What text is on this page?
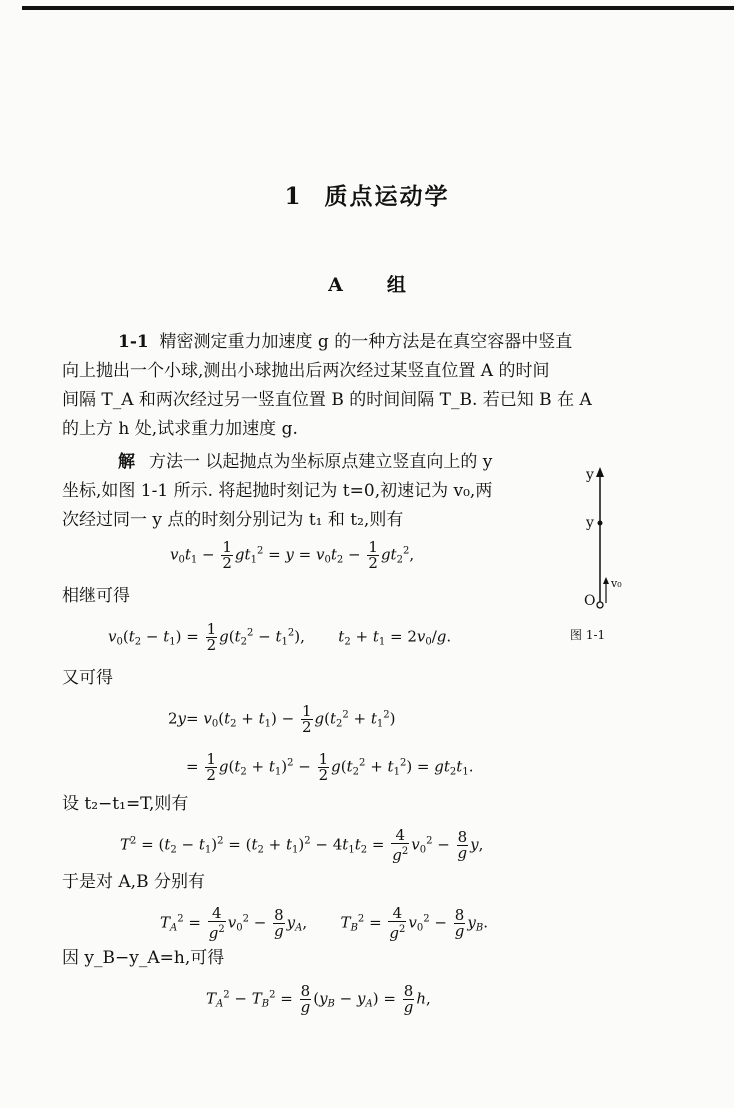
1 质点运动学
A 组
1-1 精密测定重力加速度 g 的一种方法是在真空容器中竖直
向上抛出一个小球,测出小球抛出后两次经过某竖直位置 A 的时间
间隔 T_A 和两次经过另一竖直位置 B 的时间间隔 T_B. 若已知 B 在 A
的上方 h 处,试求重力加速度 g.
解 方法一 以起抛点为坐标原点建立竖直向上的 y
坐标,如图 1-1 所示. 将起抛时刻记为 t=0,初速记为 v₀,两
次经过同一 y 点的时刻分别记为 t₁ 和 t₂,则有
$v_0t_1 - \frac{1}{2} gt_1^2 = y = v_0t_2 - \frac{1}{2} gt_2^2$,
相继可得
$v_0(t_2 - t_1) = \frac{1}{2} g(t_2^2 - t_1^2)$,       $t_2 + t_1 = 2v_0/g$.
又可得
$2y= v_0(t_2 + t_1) - \frac{1}{2} g(t_2^2 + t_1^2)$
= $\frac{1}{2} g(t_2 + t_1)^2 - \frac{1}{2} g(t_2^2 + t_1^2) = gt_2t_1$.
设 t₂−t₁=T,则有
$T^2 = (t_2 - t_1)^2 = (t_2 + t_1)^2 - 4t_1t_2 = \frac{4}{g^2} v_0^2 - \frac{8}{g} y$,
于是对 A,B 分别有
$T_A^2 = \frac{4}{g^2} v_0^2 - \frac{8}{g} y_A$,       $T_B^2 = \frac{4}{g^2} v_0^2 - \frac{8}{g} y_B$.
因 y_B−y_A=h,可得
$T_A^2 - T_B^2 = \frac{8}{g} (y_B - y_A) = \frac{8}{g} h$,
y
y
O
v₀
图 1-1
